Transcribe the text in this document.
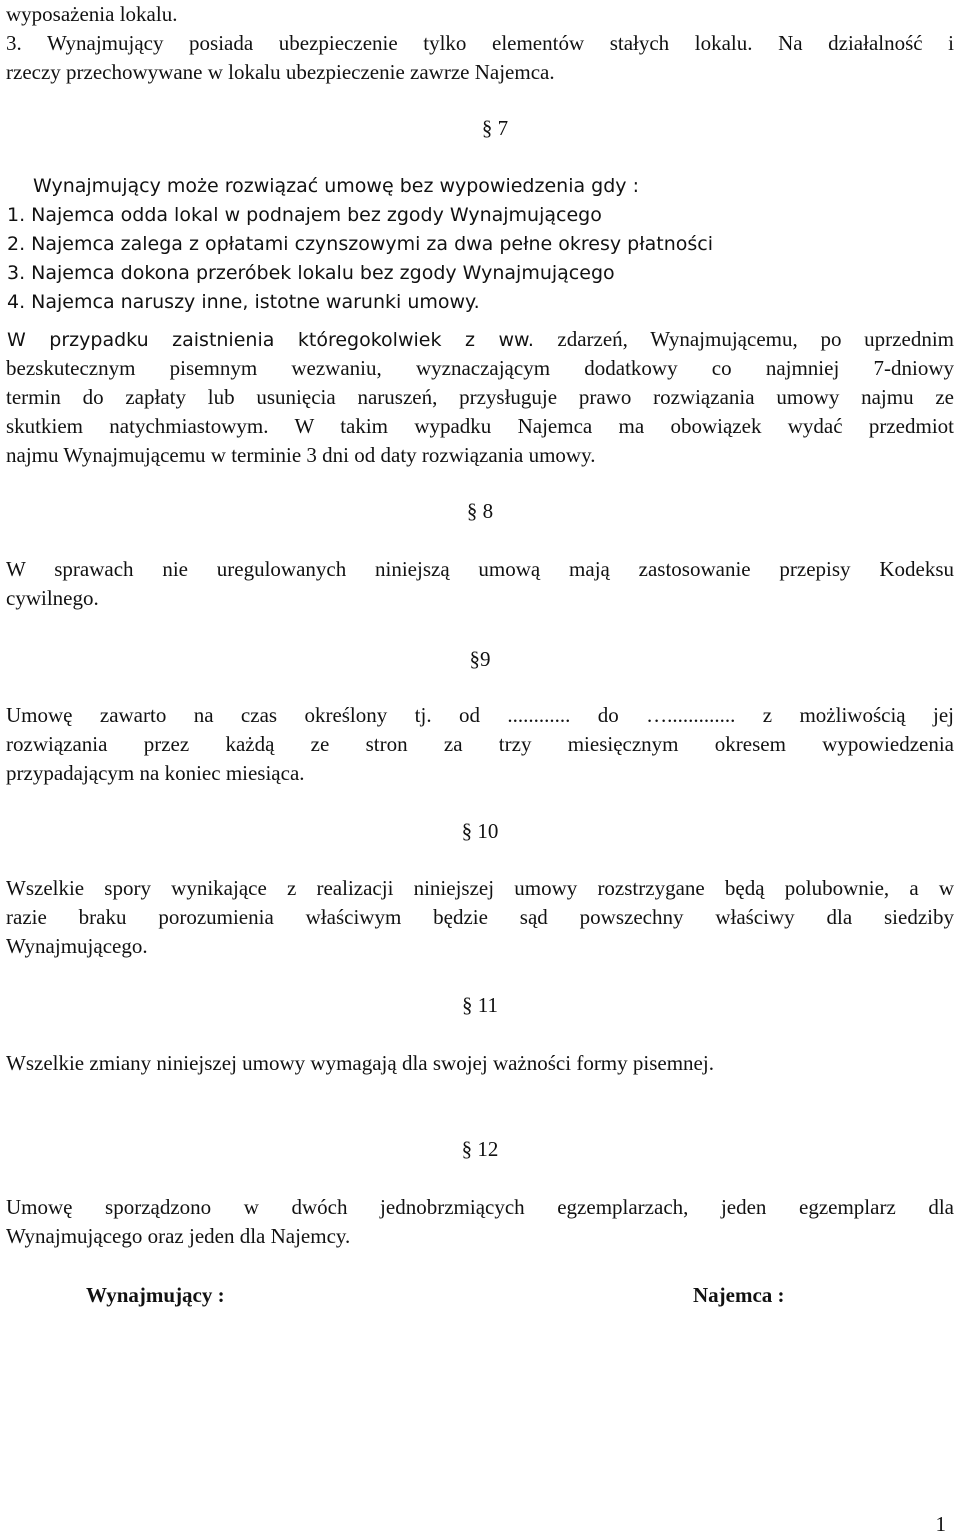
wyposażenia lokalu.
3. Wynajmujący posiada ubezpieczenie tylko elementów stałych lokalu. Na działalność i
rzeczy przechowywane w lokalu ubezpieczenie zawrze Najemca.
§ 7
Wynajmujący może rozwiązać umowę bez wypowiedzenia gdy :
1. Najemca odda lokal w podnajem bez zgody Wynajmującego
2. Najemca zalega z opłatami czynszowymi za dwa pełne okresy płatności
3. Najemca dokona przeróbek lokalu bez zgody Wynajmującego
4. Najemca naruszy inne, istotne warunki umowy.
W przypadku zaistnienia któregokolwiek z ww. zdarzeń, Wynajmującemu, po uprzednim
bezskutecznym pisemnym wezwaniu, wyznaczającym dodatkowy co najmniej 7-dniowy
termin do zapłaty lub usunięcia naruszeń, przysługuje prawo rozwiązania umowy najmu ze
skutkiem natychmiastowym. W takim wypadku Najemca ma obowiązek wydać przedmiot
najmu Wynajmującemu w terminie 3 dni od daty rozwiązania umowy.
§ 8
W sprawach nie uregulowanych niniejszą umową mają zastosowanie przepisy Kodeksu
cywilnego.
§9
Umowę zawarto na czas określony tj. od ............ do …............. z możliwością jej
rozwiązania przez każdą ze stron za trzy miesięcznym okresem wypowiedzenia
przypadającym na koniec miesiąca.
§ 10
Wszelkie spory wynikające z realizacji niniejszej umowy rozstrzygane będą polubownie, a w
razie braku porozumienia właściwym będzie sąd powszechny właściwy dla siedziby
Wynajmującego.
§ 11
Wszelkie zmiany niniejszej umowy wymagają dla swojej ważności formy pisemnej.
§ 12
Umowę sporządzono w dwóch jednobrzmiących egzemplarzach, jeden egzemplarz dla
Wynajmującego oraz jeden dla Najemcy.
Wynajmujący :	Najemca :
1
